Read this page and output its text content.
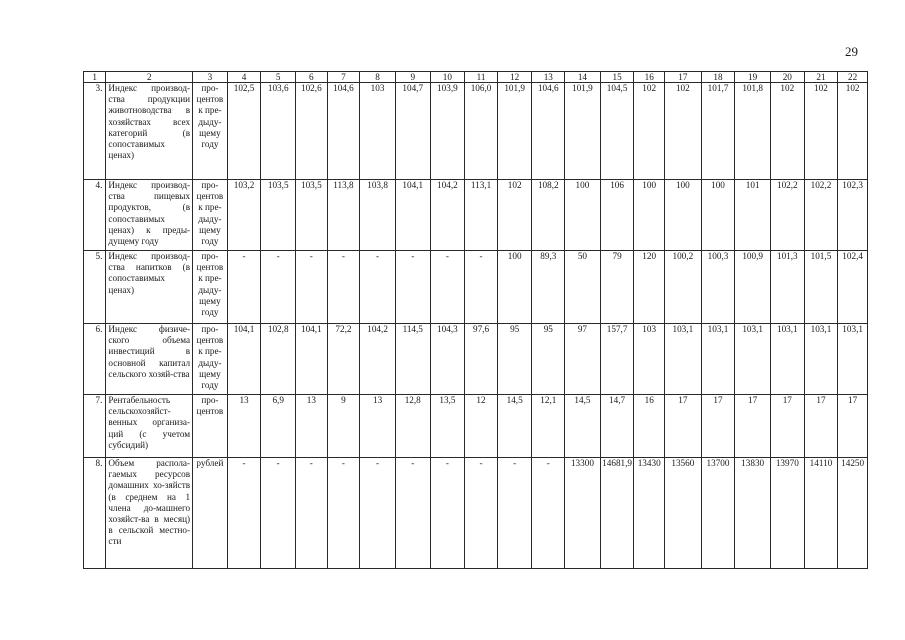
29
1	2	3	4	5	6	7	8	9	10	11	12	13	14	15	16	17	18	19	20	21	22
3.	Индекс производ-ства продукции животноводства в хозяйствах всех категорий (в сопоставимых ценах)	про-центов к пре-дыду-щему году	102,5	103,6	102,6	104,6	103	104,7	103,9	106,0	101,9	104,6	101,9	104,5	102	102	101,7	101,8	102	102	102
4.	Индекс производ-ства пищевых продуктов, (в сопоставимых ценах) к преды-дущему году	про-центов к пре-дыду-щему году	103,2	103,5	103,5	113,8	103,8	104,1	104,2	113,1	102	108,2	100	106	100	100	100	101	102,2	102,2	102,3
5.	Индекс производ-ства напитков (в сопоставимых ценах)	про-центов к пре-дыду-щему году	-	-	-	-	-	-	-	-	100	89,3	50	79	120	100,2	100,3	100,9	101,3	101,5	102,4
6.	Индекс физиче-ского объема инвестиций в основной капитал сельского хозяй-ства	про-центов к пре-дыду-щему году	104,1	102,8	104,1	72,2	104,2	114,5	104,3	97,6	95	95	97	157,7	103	103,1	103,1	103,1	103,1	103,1	103,1
7.	Рентабельность сельскохозяйст-венных организа-ций (с учетом субсидий)	про-центов	13	6,9	13	9	13	12,8	13,5	12	14,5	12,1	14,5	14,7	16	17	17	17	17	17	17
8.	Объем распола-гаемых ресурсов домашних хо-зяйств (в среднем на 1 члена до-машнего хозяйст-ва в месяц) в сельской местно-сти	рублей	-	-	-	-	-	-	-	-	-	-	13300	14681,9	13430	13560	13700	13830	13970	14110	14250
